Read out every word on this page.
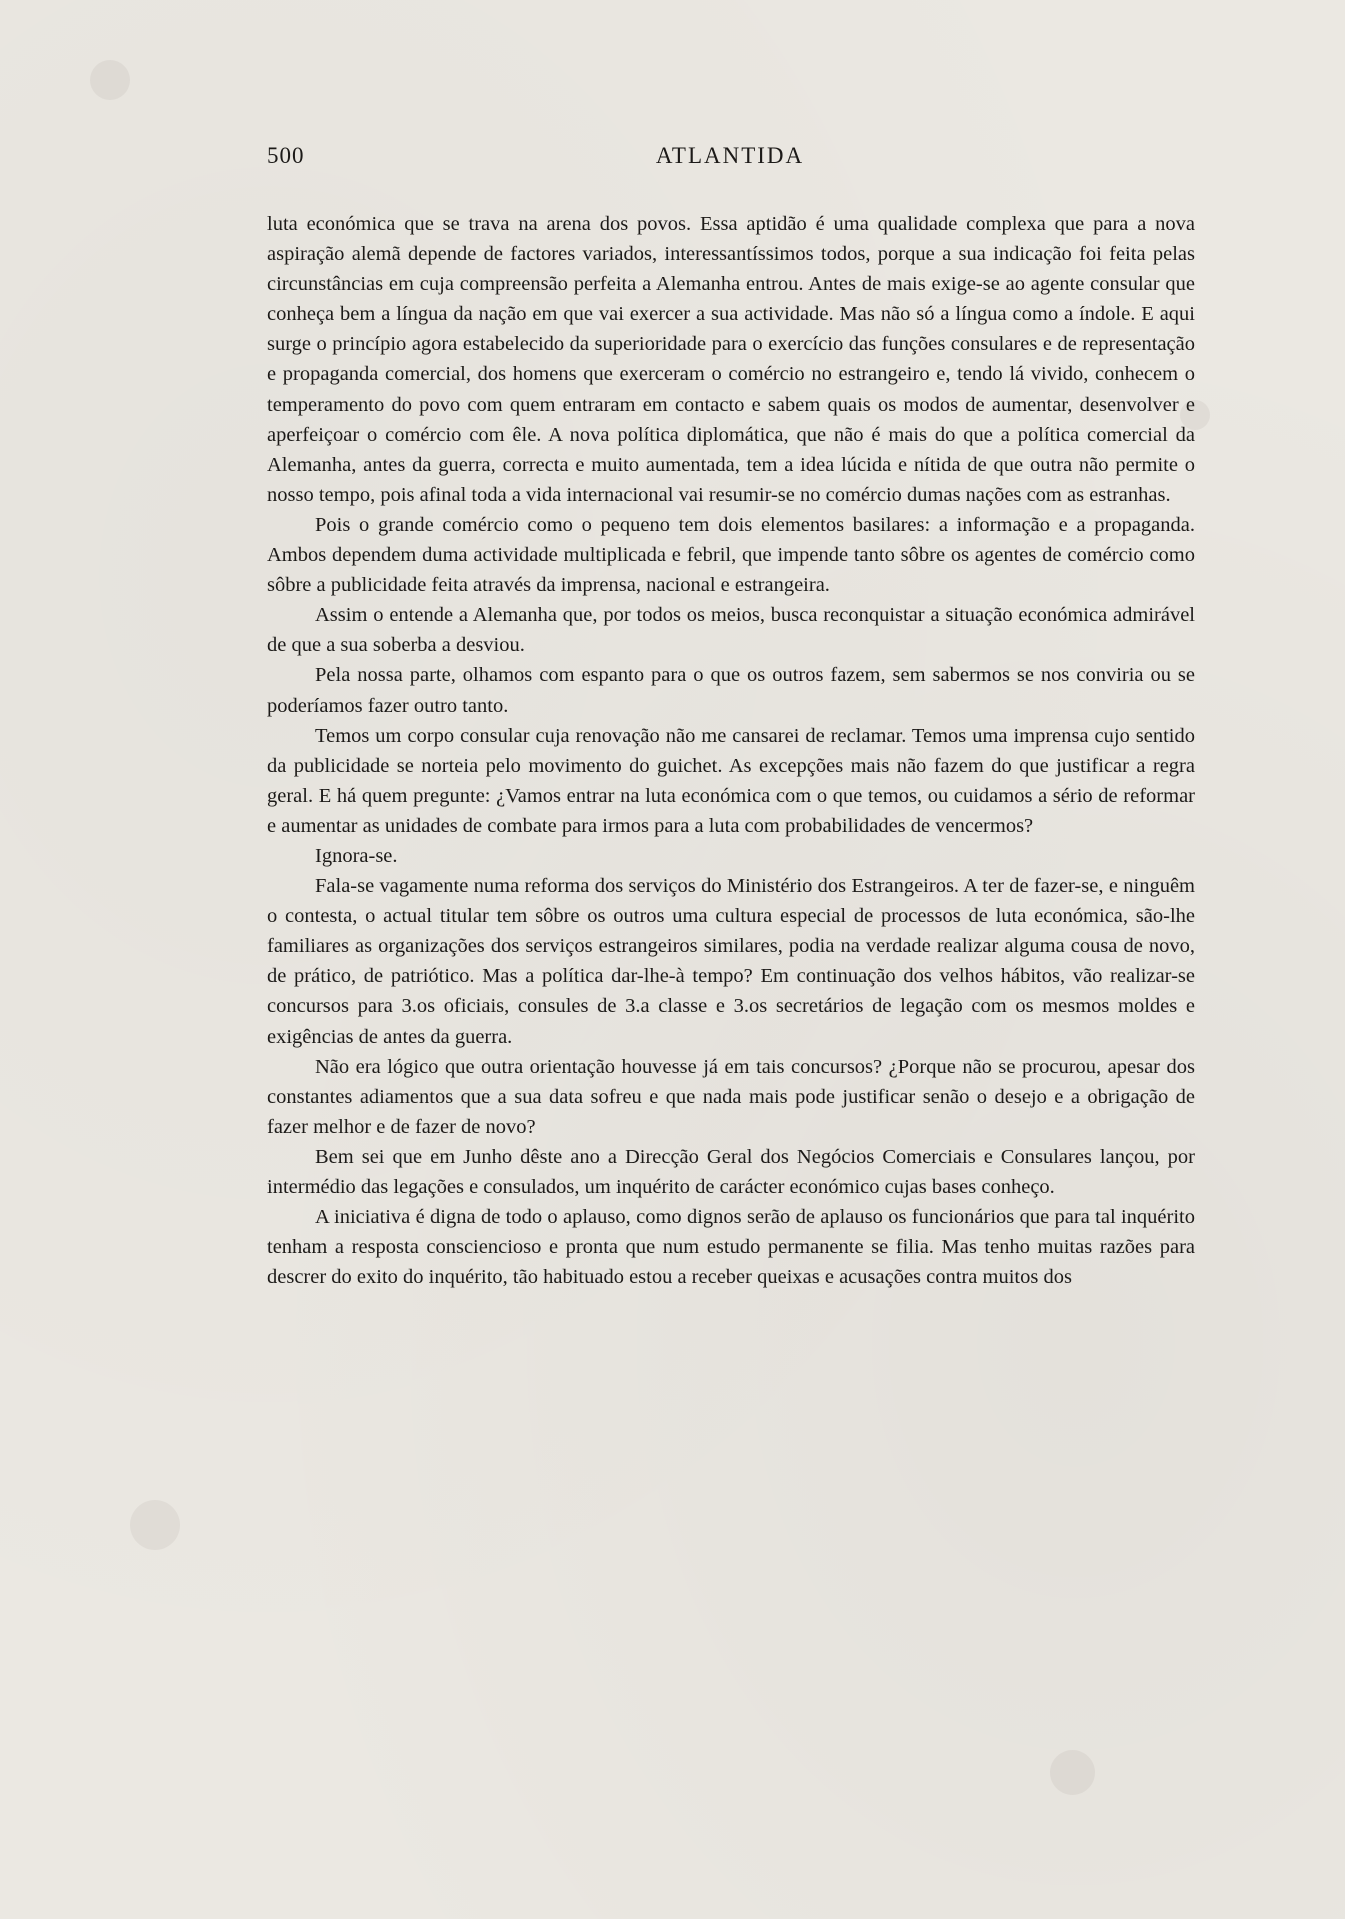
500	ATLANTIDA

luta económica que se trava na arena dos povos. Essa aptidão é uma qualidade complexa que para a nova aspiração alemã depende de factores variados, interessantíssimos todos, porque a sua indicação foi feita pelas circunstâncias em cuja compreensão perfeita a Alemanha entrou. Antes de mais exige-se ao agente consular que conheça bem a língua da nação em que vai exercer a sua actividade. Mas não só a língua como a índole. E aqui surge o princípio agora estabelecido da superioridade para o exercício das funções consulares e de representação e propaganda comercial, dos homens que exerceram o comércio no estrangeiro e, tendo lá vivido, conhecem o temperamento do povo com quem entraram em contacto e sabem quais os modos de aumentar, desenvolver e aperfeiçoar o comércio com êle. A nova política diplomática, que não é mais do que a política comercial da Alemanha, antes da guerra, correcta e muito aumentada, tem a idea lúcida e nítida de que outra não permite o nosso tempo, pois afinal toda a vida internacional vai resumir-se no comércio dumas nações com as estranhas.

Pois o grande comércio como o pequeno tem dois elementos basilares: a informação e a propaganda. Ambos dependem duma actividade multiplicada e febril, que impende tanto sôbre os agentes de comércio como sôbre a publicidade feita através da imprensa, nacional e estrangeira.

Assim o entende a Alemanha que, por todos os meios, busca reconquistar a situação económica admirável de que a sua soberba a desviou.

Pela nossa parte, olhamos com espanto para o que os outros fazem, sem sabermos se nos conviria ou se poderíamos fazer outro tanto.

Temos um corpo consular cuja renovação não me cansarei de reclamar. Temos uma imprensa cujo sentido da publicidade se norteia pelo movimento do guichet. As excepções mais não fazem do que justificar a regra geral. E há quem pregunte: ¿Vamos entrar na luta económica com o que temos, ou cuidamos a sério de reformar e aumentar as unidades de combate para irmos para a luta com probabilidades de vencermos?

Ignora-se.

Fala-se vagamente numa reforma dos serviços do Ministério dos Estrangeiros. A ter de fazer-se, e ninguêm o contesta, o actual titular tem sôbre os outros uma cultura especial de processos de luta económica, são-lhe familiares as organizações dos serviços estrangeiros similares, podia na verdade realizar alguma cousa de novo, de prático, de patriótico. Mas a política dar-lhe-à tempo? Em continuação dos velhos hábitos, vão realizar-se concursos para 3.os oficiais, consules de 3.a classe e 3.os secretários de legação com os mesmos moldes e exigências de antes da guerra.

Não era lógico que outra orientação houvesse já em tais concursos? ¿Porque não se procurou, apesar dos constantes adiamentos que a sua data sofreu e que nada mais pode justificar senão o desejo e a obrigação de fazer melhor e de fazer de novo?

Bem sei que em Junho dêste ano a Direcção Geral dos Negócios Comerciais e Consulares lançou, por intermédio das legações e consulados, um inquérito de carácter económico cujas bases conheço.

A iniciativa é digna de todo o aplauso, como dignos serão de aplauso os funcionários que para tal inquérito tenham a resposta consciencioso e pronta que num estudo permanente se filia. Mas tenho muitas razões para descrer do exito do inquérito, tão habituado estou a receber queixas e acusações contra muitos dos
